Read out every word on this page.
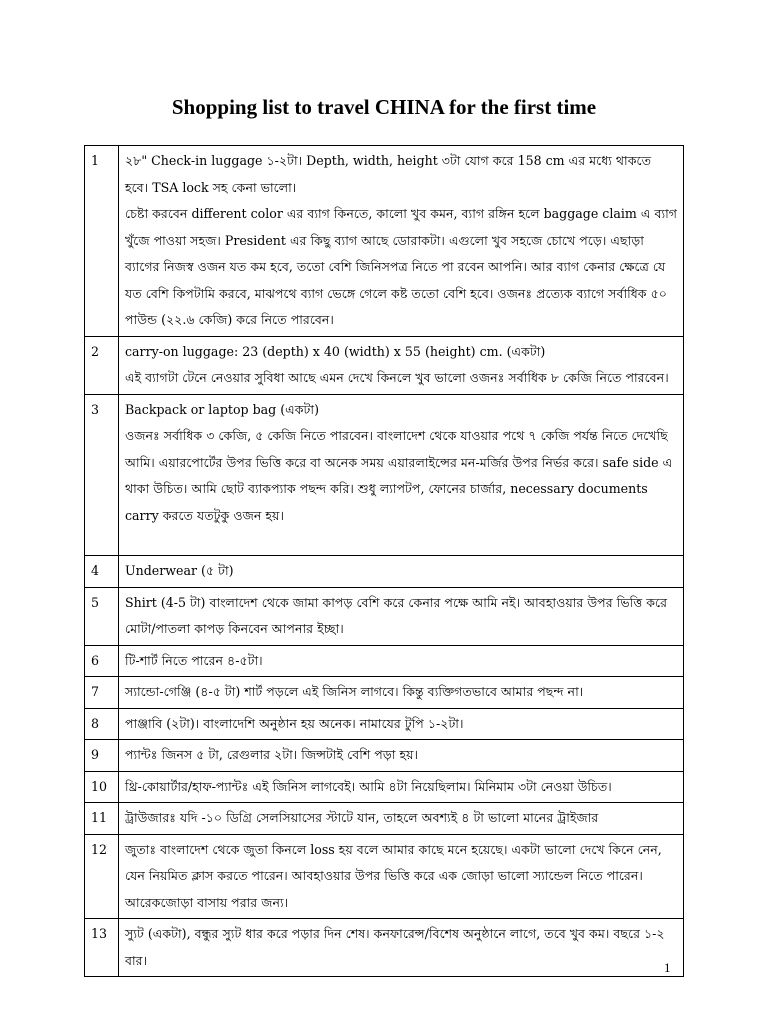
Shopping list to travel CHINA for the first time
1	২৮" Check-in luggage ১-২টা। Depth, width, height ৩টা যোগ করে 158 cm এর মধ্যে থাকতে হবে। TSA lock সহ কেনা ভালো।

চেষ্টা করবেন different color এর ব্যাগ কিনতে, কালো খুব কমন, ব্যাগ রঙ্গিন হলে baggage claim এ ব্যাগ খুঁজে পাওয়া সহজ। President এর কিছু ব্যাগ আছে ডোরাকটা। এগুলো খুব সহজে চোখে পড়ে। এছাড়া ব্যাগের নিজস্ব ওজন যত কম হবে, ততো বেশি জিনিসপত্র নিতে পা রবেন আপনি। আর ব্যাগ কেনার ক্ষেত্রে যে যত বেশি কিপটামি করবে, মাঝপথে ব্যাগ ভেঙ্গে গেলে কষ্ট ততো বেশি হবে। ওজনঃ প্রত্যেক ব্যাগে সর্বাধিক ৫০ পাউন্ড (২২.৬ কেজি) করে নিতে পারবেন।

2	carry-on luggage: 23 (depth) x 40 (width) x 55 (height) cm. (একটা)

এই ব্যাগটা টেনে নেওয়ার সুবিধা আছে এমন দেখে কিনলে খুব ভালো ওজনঃ সর্বাধিক ৮ কেজি নিতে পারবেন।

3	Backpack or laptop bag (একটা)

ওজনঃ সর্বাধিক ৩ কেজি, ৫ কেজি নিতে পারবেন। বাংলাদেশ থেকে যাওয়ার পথে ৭ কেজি পর্যন্ত নিতে দেখেছি আমি। এয়ারপোর্টের উপর ভিত্তি করে বা অনেক সময় এয়ারলাইন্সের মন-মর্জির উপর নির্ভর করে। safe side এ থাকা উচিত। আমি ছোট ব্যাকপ্যাক পছন্দ করি। শুধু ল্যাপটপ, ফোনের চার্জার, necessary documents carry করতে যতটুকু ওজন হয়।

4	Underwear (৫ টা)

5	Shirt (4-5 টা) বাংলাদেশ থেকে জামা কাপড় বেশি করে কেনার পক্ষে আমি নই। আবহাওয়ার উপর ভিত্তি করে মোটা/পাতলা কাপড় কিনবেন আপনার ইচ্ছা।

6	টি-শার্ট নিতে পারেন ৪-৫টা।

7	স্যান্ডো-গেঞ্জি (৪-৫ টা) শার্ট পড়লে এই জিনিস লাগবে। কিন্তু ব্যক্তিগতভাবে আমার পছন্দ না।

8	পাঞ্জাবি (২টা)। বাংলাদেশি অনুষ্ঠান হয় অনেক। নামাযের টুপি ১-২টা।

9	প্যান্টঃ জিনস ৫ টা, রেগুলার ২টা। জিন্সটাই বেশি পড়া হয়।

10	থ্রি-কোয়ার্টার/হাফ-প্যান্টঃ এই জিনিস লাগবেই। আমি ৪টা নিয়েছিলাম। মিনিমাম ৩টা নেওয়া উচিত।

11	ট্রাউজারঃ যদি -১০ ডিগ্রি সেলসিয়াসের স্টাটে যান, তাহলে অবশ্যই ৪ টা ভালো মানের ট্রাইজার

12	জুতাঃ বাংলাদেশ থেকে জুতা কিনলে loss হয় বলে আমার কাছে মনে হয়েছে। একটা ভালো দেখে কিনে নেন, যেন নিয়মিত ক্লাস করতে পারেন। আবহাওয়ার উপর ভিত্তি করে এক জোড়া ভালো স্যান্ডেল নিতে পারেন। আরেকজোড়া বাসায় পরার জন্য।

13	স্যুট (একটা), বন্ধুর স্যুট ধার করে পড়ার দিন শেষ। কনফারেন্স/বিশেষ অনুষ্ঠানে লাগে, তবে খুব কম। বছরে ১-২ বার।	1
